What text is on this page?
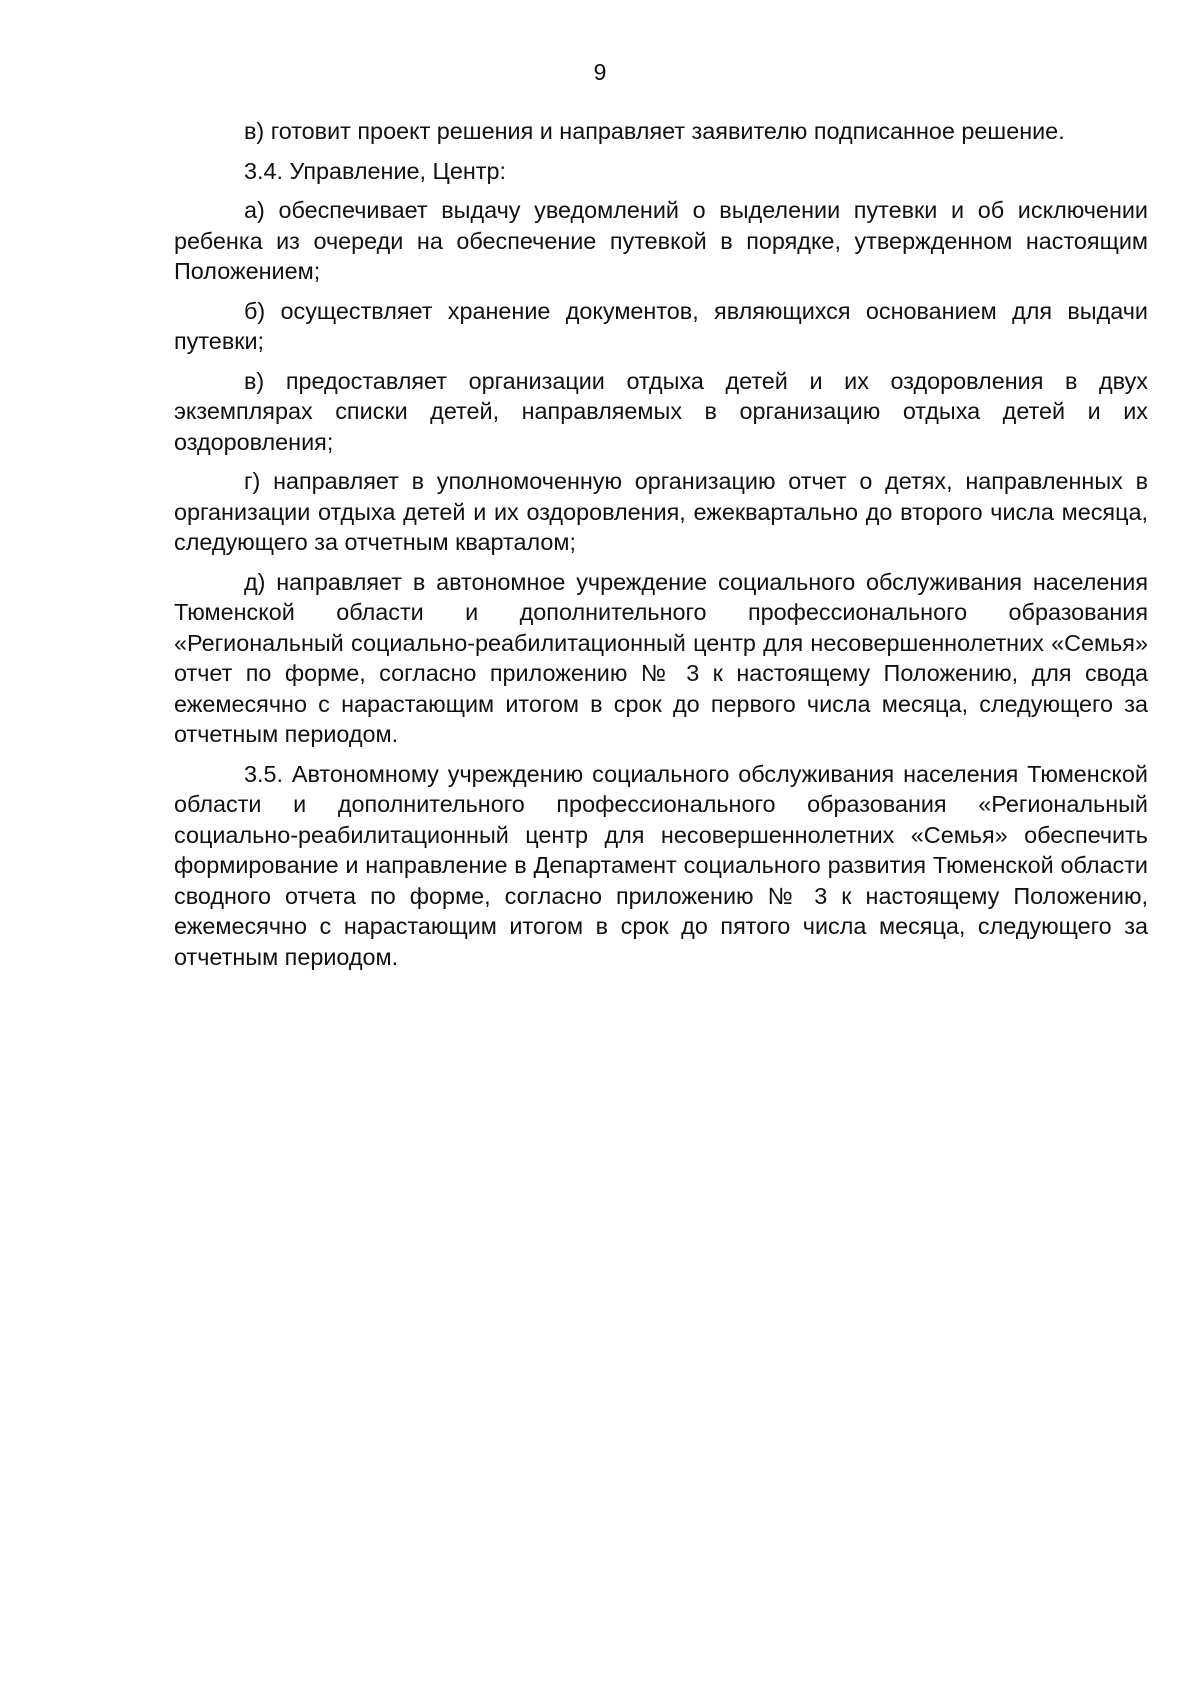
9

в) готовит проект решения и направляет заявителю подписанное решение.

3.4. Управление, Центр:

а) обеспечивает выдачу уведомлений о выделении путевки и об исключении ребенка из очереди на обеспечение путевкой в порядке, утвержденном настоящим Положением;

б) осуществляет хранение документов, являющихся основанием для выдачи путевки;

в) предоставляет организации отдыха детей и их оздоровления в двух экземплярах списки детей, направляемых в организацию отдыха детей и их оздоровления;

г) направляет в уполномоченную организацию отчет о детях, направленных в организации отдыха детей и их оздоровления, ежеквартально до второго числа месяца, следующего за отчетным кварталом;

д) направляет в автономное учреждение социального обслуживания населения Тюменской области и дополнительного профессионального образования «Региональный социально-реабилитационный центр для несовершеннолетних «Семья» отчет по форме, согласно приложению № 3 к настоящему Положению, для свода ежемесячно с нарастающим итогом в срок до первого числа месяца, следующего за отчетным периодом.

3.5. Автономному учреждению социального обслуживания населения Тюменской области и дополнительного профессионального образования «Региональный социально-реабилитационный центр для несовершеннолетних «Семья» обеспечить формирование и направление в Департамент социального развития Тюменской области сводного отчета по форме, согласно приложению № 3 к настоящему Положению, ежемесячно с нарастающим итогом в срок до пятого числа месяца, следующего за отчетным периодом.
